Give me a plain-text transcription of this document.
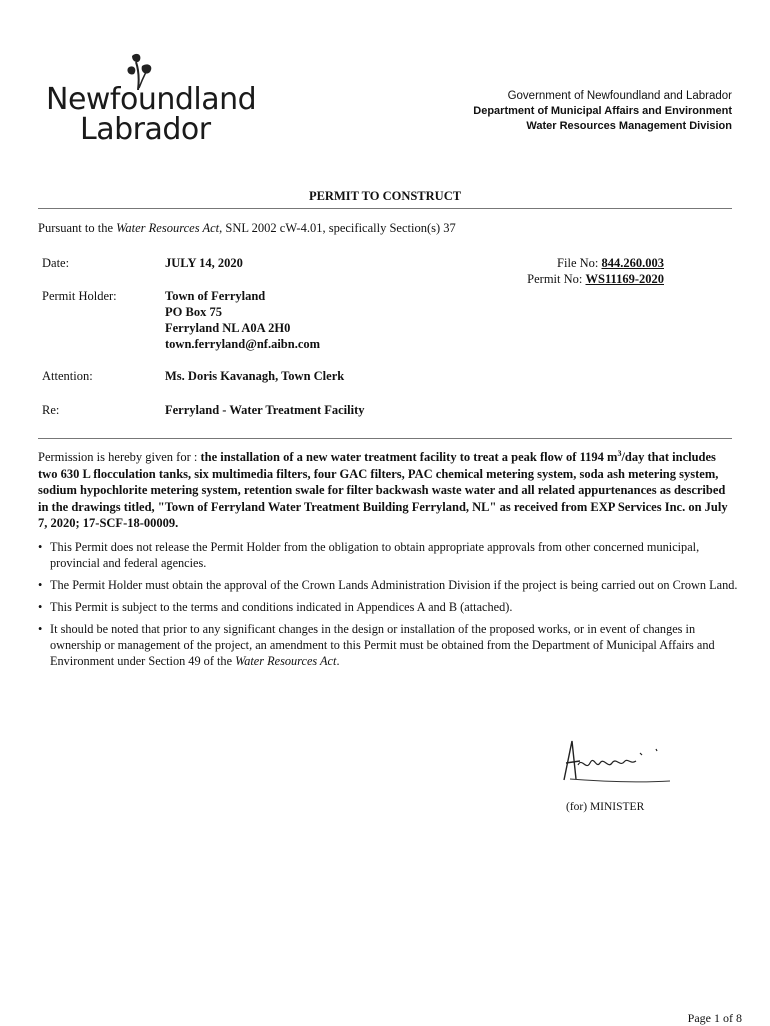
Newfoundland
Labrador
Government of Newfoundland and Labrador
Department of Municipal Affairs and Environment
Water Resources Management Division
PERMIT TO CONSTRUCT
Pursuant to the Water Resources Act, SNL 2002 cW-4.01, specifically Section(s) 37
Date:	JULY 14, 2020	File No: 844.260.003
Permit No: WS11169-2020
Permit Holder:	Town of Ferryland
PO Box 75
Ferryland NL A0A 2H0
town.ferryland@nf.aibn.com
Attention:	Ms. Doris Kavanagh, Town Clerk
Re:	Ferryland - Water Treatment Facility
Permission is hereby given for : the installation of a new water treatment facility to treat a peak flow of 1194 $m^3$/day that includes two 630 L flocculation tanks, six multimedia filters, four GAC filters, PAC chemical metering system, soda ash metering system, sodium hypochlorite metering system, retention swale for filter backwash waste water and all related appurtenances as described in the drawings titled, "Town of Ferryland Water Treatment Building Ferryland, NL" as received from EXP Services Inc. on July 7, 2020; 17-SCF-18-00009.
• This Permit does not release the Permit Holder from the obligation to obtain appropriate approvals from other concerned municipal, provincial and federal agencies.
• The Permit Holder must obtain the approval of the Crown Lands Administration Division if the project is being carried out on Crown Land.
• This Permit is subject to the terms and conditions indicated in Appendices A and B (attached).
• It should be noted that prior to any significant changes in the design or installation of the proposed works, or in event of changes in ownership or management of the project, an amendment to this Permit must be obtained from the Department of Municipal Affairs and Environment under Section 49 of the Water Resources Act.
(for) MINISTER
Page 1 of 8
